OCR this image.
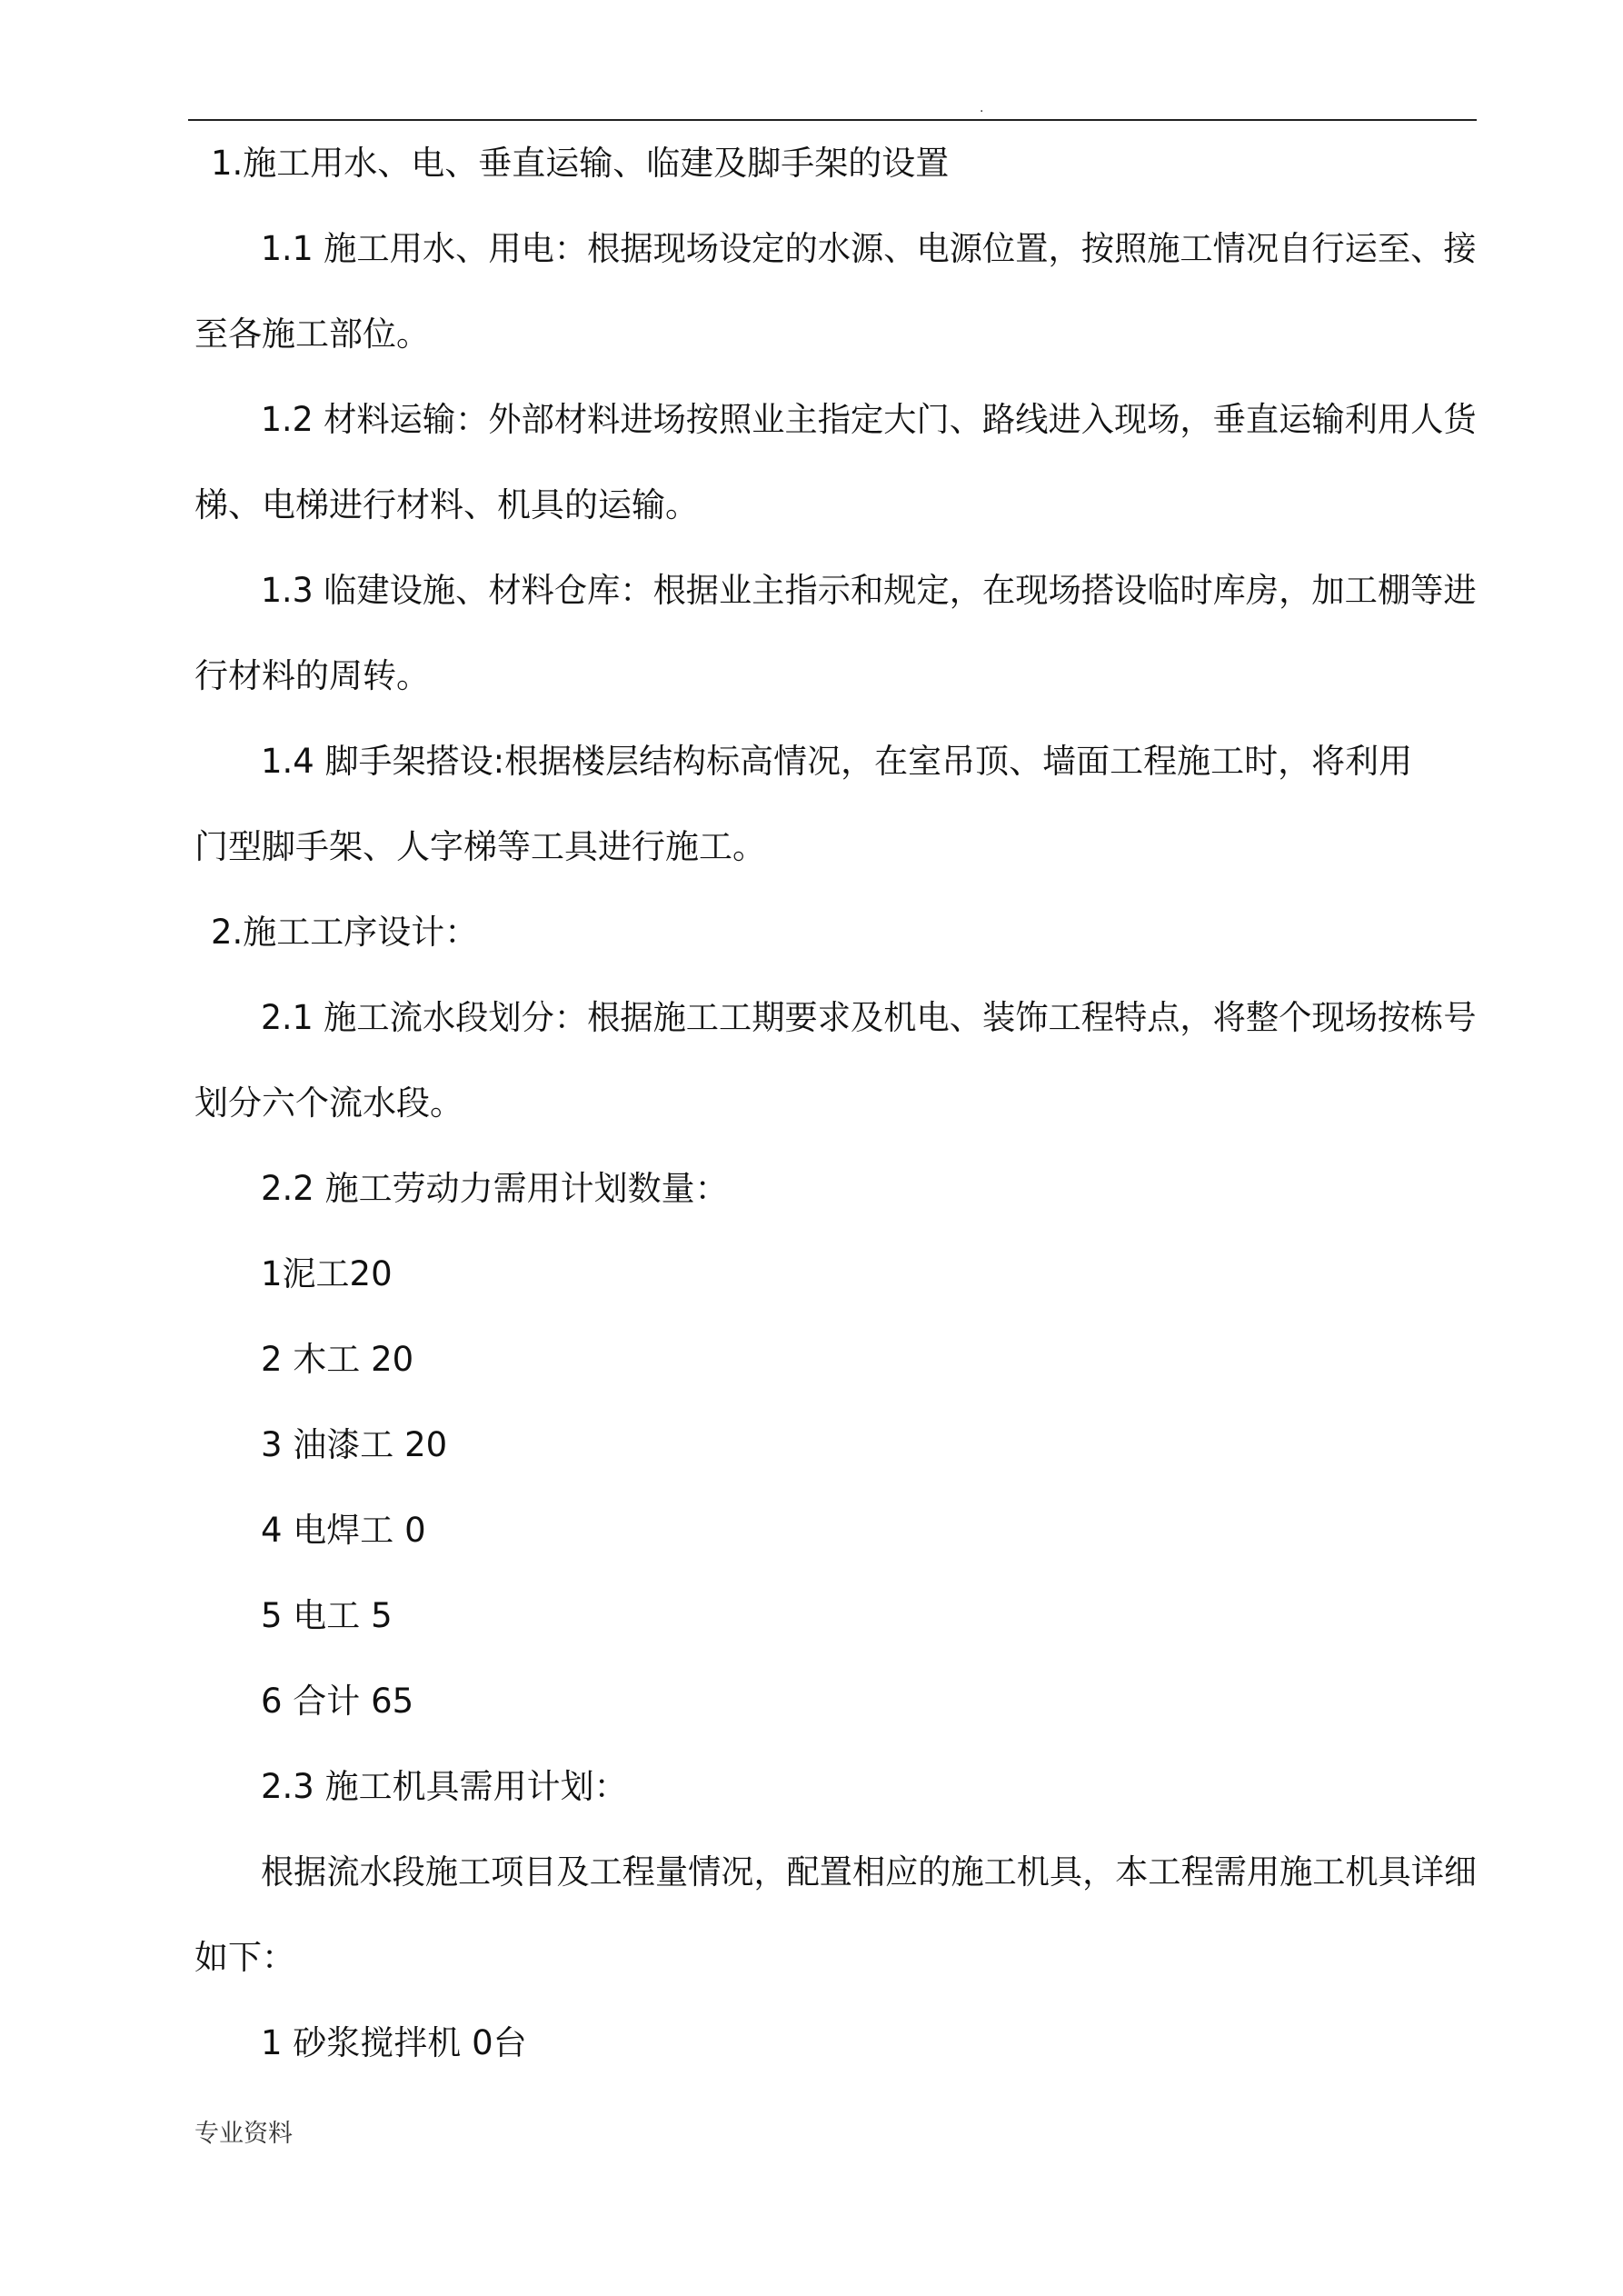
.
1.施工用水、电、垂直运输、临建及脚手架的设置
1.1 施工用水、用电：根据现场设定的水源、电源位置，按照施工情况自行运至、接
至各施工部位。
1.2 材料运输：外部材料进场按照业主指定大门、路线进入现场，垂直运输利用人货
梯、电梯进行材料、机具的运输。
1.3 临建设施、材料仓库：根据业主指示和规定，在现场搭设临时库房，加工棚等进
行材料的周转。
1.4 脚手架搭设:根据楼层结构标高情况，在室吊顶、墙面工程施工时，将利用
门型脚手架、人字梯等工具进行施工。
2.施工工序设计：
2.1 施工流水段划分：根据施工工期要求及机电、装饰工程特点，将整个现场按栋号
划分六个流水段。
2.2 施工劳动力需用计划数量：
1泥工20
2 木工 20
3 油漆工 20
4 电焊工 0
5 电工 5
6 合计 65
2.3 施工机具需用计划：
根据流水段施工项目及工程量情况，配置相应的施工机具，本工程需用施工机具详细
如下：
1 砂浆搅拌机 0台
专业资料
